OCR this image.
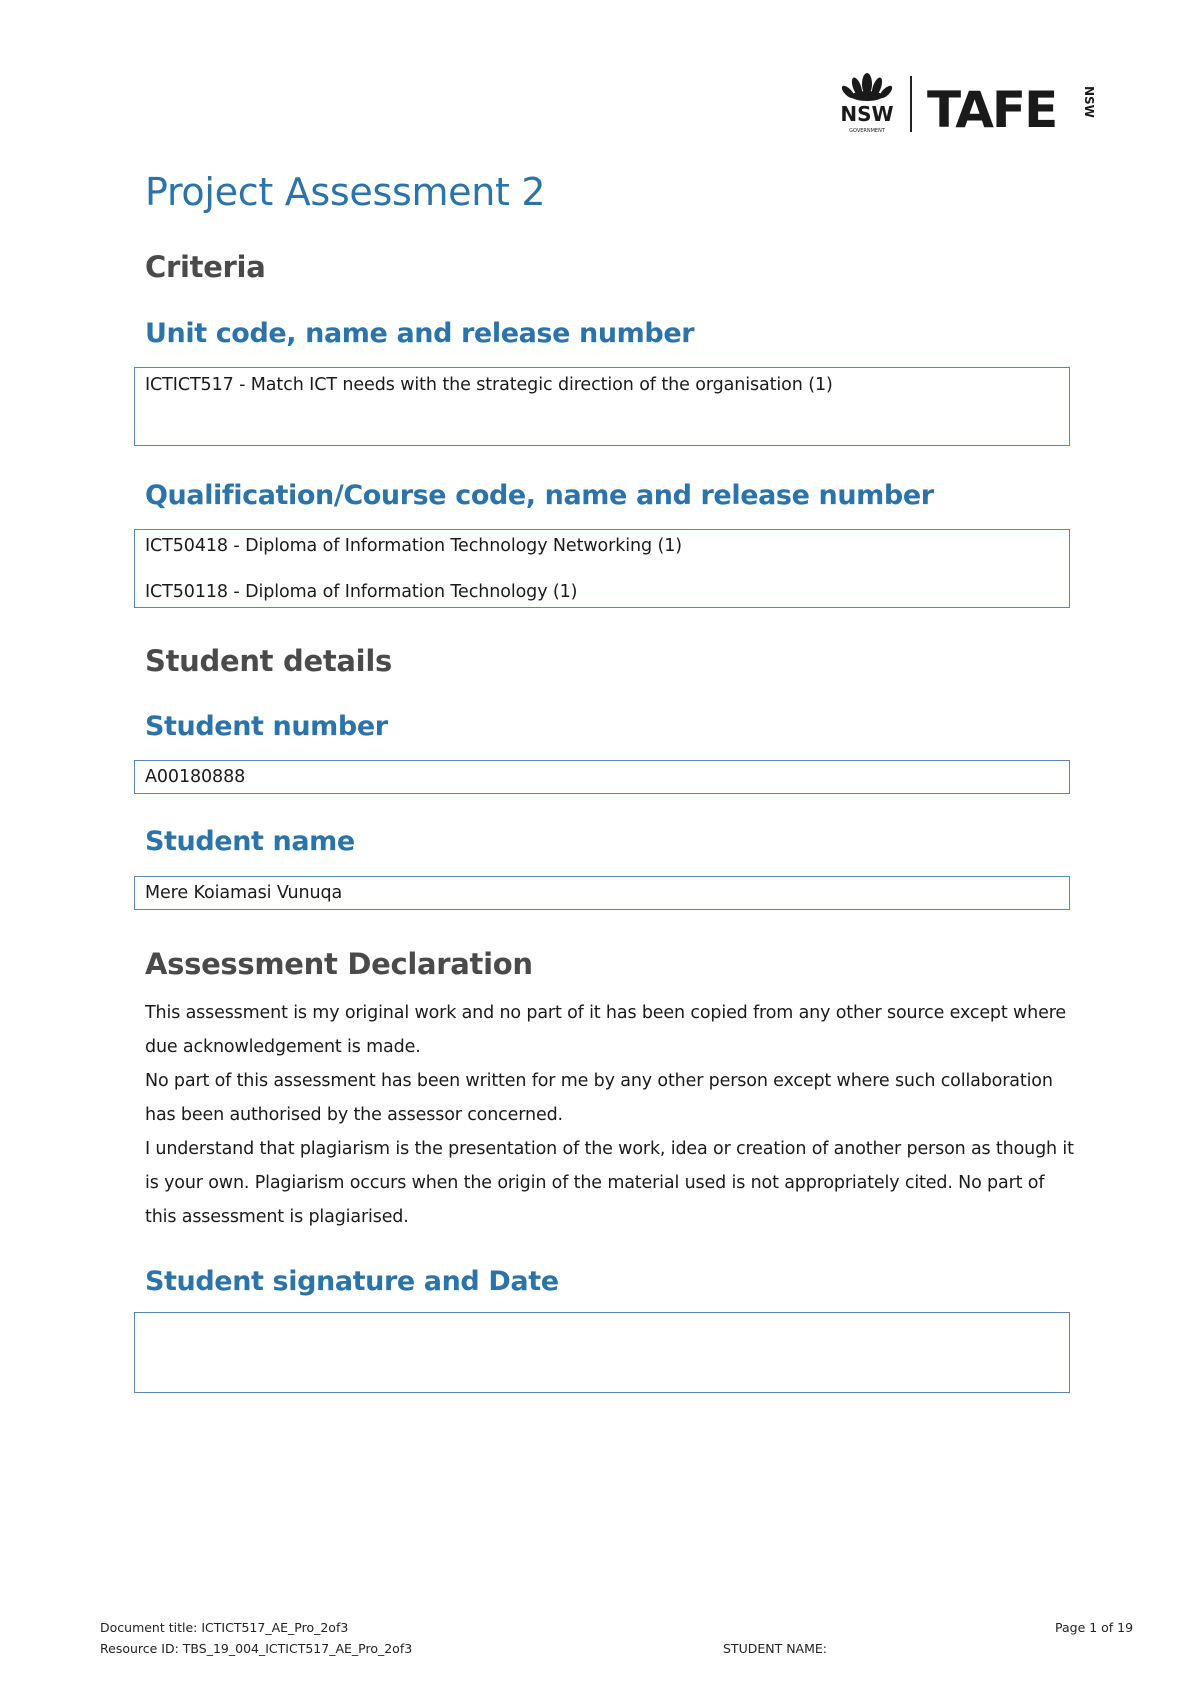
NSW
GOVERNMENT TAFE NSW
Project Assessment 2
Criteria
Unit code, name and release number
ICTICT517 - Match ICT needs with the strategic direction of the organisation (1)
Qualification/Course code, name and release number
ICT50418 - Diploma of Information Technology Networking (1)
ICT50118 - Diploma of Information Technology (1)
Student details
Student number
A00180888
Student name
Mere Koiamasi Vunuqa
Assessment Declaration

This assessment is my original work and no part of it has been copied from any other source except where due acknowledgement is made.

No part of this assessment has been written for me by any other person except where such collaboration has been authorised by the assessor concerned.

I understand that plagiarism is the presentation of the work, idea or creation of another person as though it is your own. Plagiarism occurs when the origin of the material used is not appropriately cited. No part of this assessment is plagiarised.

Student signature and Date
Document title: ICTICT517_AE_Pro_2of3
Resource ID: TBS_19_004_ICTICT517_AE_Pro_2of3	STUDENT NAME:
Page 1 of 19
